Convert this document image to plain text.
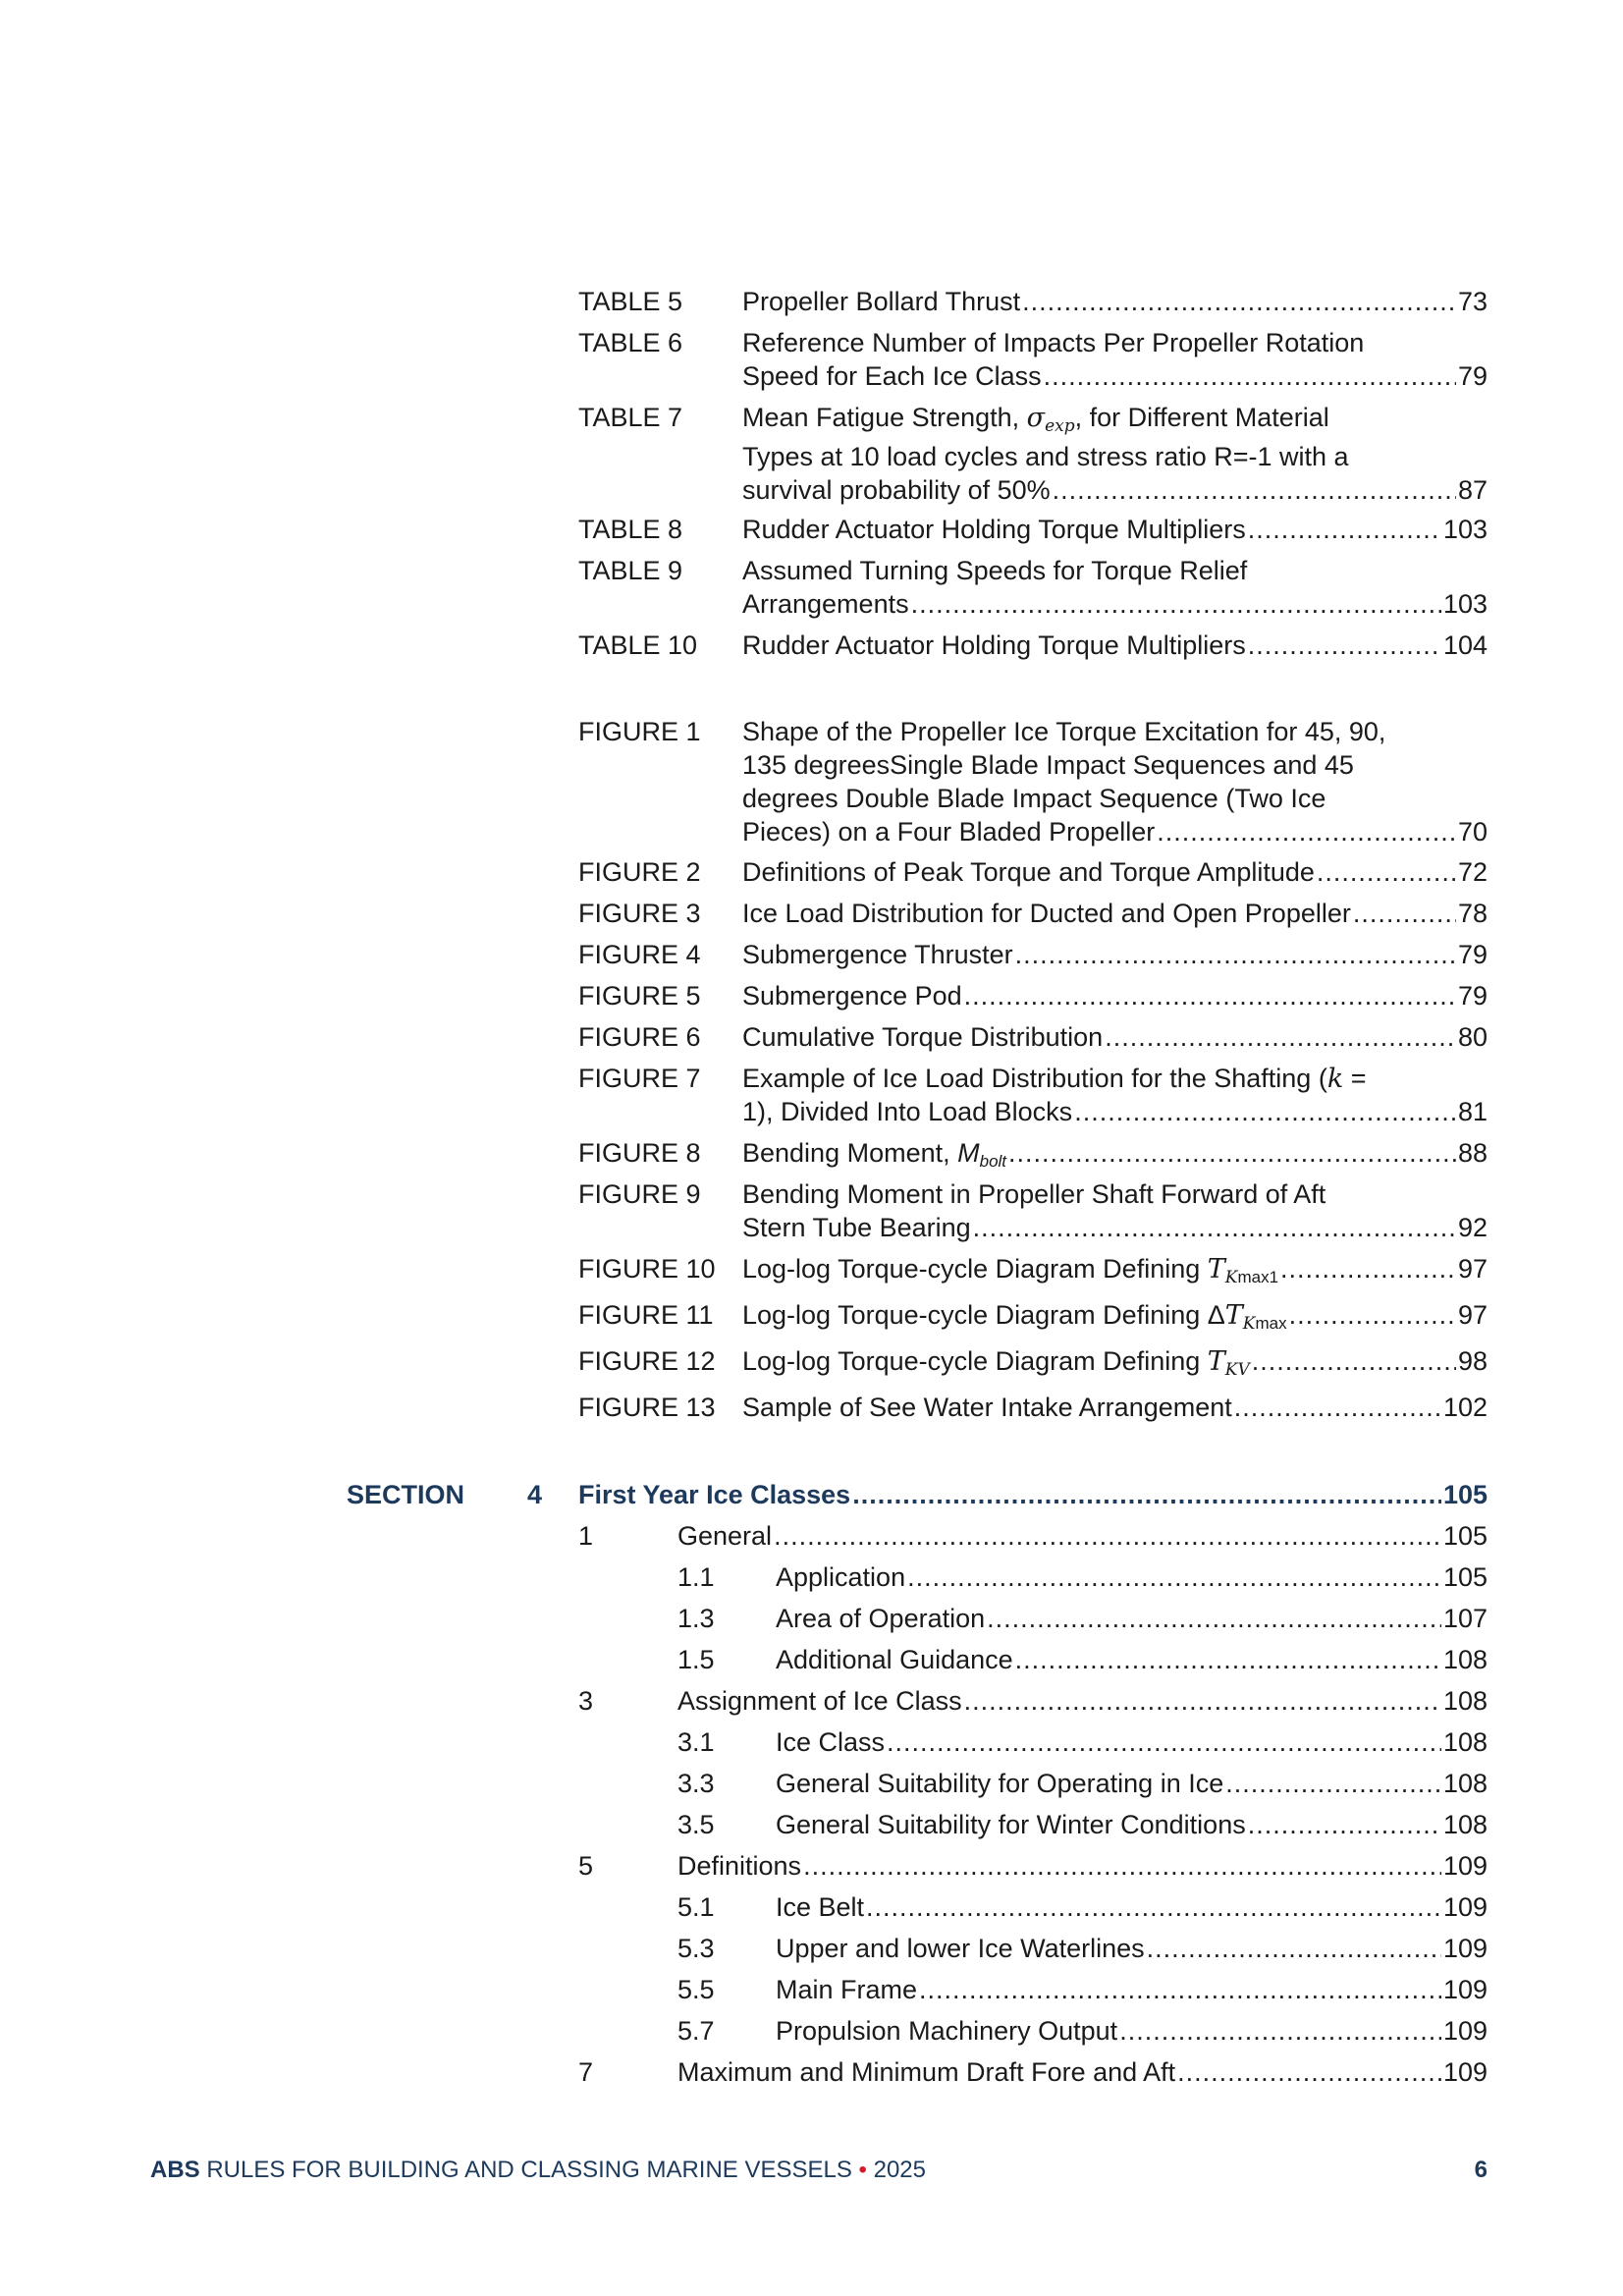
TABLE 5 Propeller Bollard Thrust .....	73
TABLE 6 Reference Number of Impacts Per Propeller Rotation
Speed for Each Ice Class .....	79
TABLE 7 Mean Fatigue Strength, $\sigma_{exp}$, for Different Material
Types at 10 load cycles and stress ratio R=-1 with a
survival probability of 50% .....	87
TABLE 8 Rudder Actuator Holding Torque Multipliers .....	103
TABLE 9 Assumed Turning Speeds for Torque Relief
Arrangements .....	103
TABLE 10 Rudder Actuator Holding Torque Multipliers .....	104
FIGURE 1 Shape of the Propeller Ice Torque Excitation for 45, 90,
135 degreesSingle Blade Impact Sequences and 45
degrees Double Blade Impact Sequence (Two Ice
Pieces) on a Four Bladed Propeller .....	70
FIGURE 2 Definitions of Peak Torque and Torque Amplitude .....	72
FIGURE 3 Ice Load Distribution for Ducted and Open Propeller .....	78
FIGURE 4 Submergence Thruster .....	79
FIGURE 5 Submergence Pod .....	79
FIGURE 6 Cumulative Torque Distribution .....	80
FIGURE 7 Example of Ice Load Distribution for the Shafting (k =
1), Divided Into Load Blocks .....	81
FIGURE 8 Bending Moment, $M_{bolt}$ .....	88
FIGURE 9 Bending Moment in Propeller Shaft Forward of Aft
Stern Tube Bearing .....	92
FIGURE 10 Log-log Torque-cycle Diagram Defining $T_{Kmax1}$ .....	97
FIGURE 11 Log-log Torque-cycle Diagram Defining $\Delta T_{Kmax}$ .....	97
FIGURE 12 Log-log Torque-cycle Diagram Defining $T_{KV}$ .....	98
FIGURE 13 Sample of See Water Intake Arrangement .....	102
SECTION 4 First Year Ice Classes .....	105
1	General .....	105
1.1 Application .....	105
1.3 Area of Operation .....	107
1.5 Additional Guidance .....	108
3	Assignment of Ice Class .....	108
3.1 Ice Class .....	108
3.3 General Suitability for Operating in Ice .....	108
3.5 General Suitability for Winter Conditions .....	108
5	Definitions .....	109
5.1 Ice Belt .....	109
5.3 Upper and lower Ice Waterlines .....	109
5.5 Main Frame .....	109
5.7 Propulsion Machinery Output .....	109
7	Maximum and Minimum Draft Fore and Aft .....	109
ABS RULES FOR BUILDING AND CLASSING MARINE VESSELS • 2025	6
